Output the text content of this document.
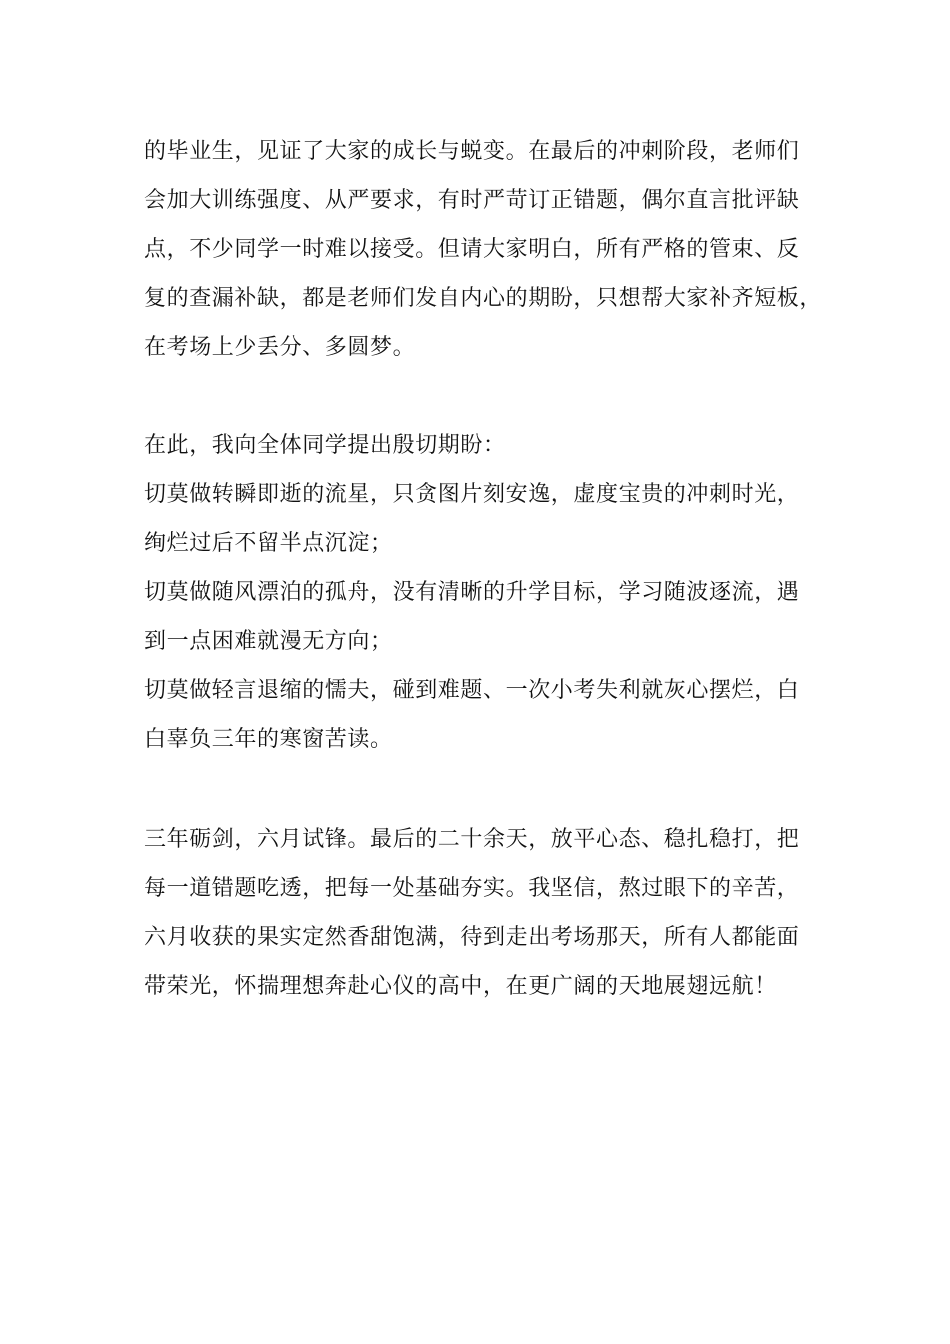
的毕业生，见证了大家的成长与蜕变。在最后的冲刺阶段，老师们
会加大训练强度、从严要求，有时严苛订正错题，偶尔直言批评缺
点，不少同学一时难以接受。但请大家明白，所有严格的管束、反
复的查漏补缺，都是老师们发自内心的期盼，只想帮大家补齐短板，
在考场上少丢分、多圆梦。
在此，我向全体同学提出殷切期盼：
切莫做转瞬即逝的流星，只贪图片刻安逸，虚度宝贵的冲刺时光，
绚烂过后不留半点沉淀；
切莫做随风漂泊的孤舟，没有清晰的升学目标，学习随波逐流，遇
到一点困难就漫无方向；
切莫做轻言退缩的懦夫，碰到难题、一次小考失利就灰心摆烂，白
白辜负三年的寒窗苦读。
三年砺剑，六月试锋。最后的二十余天，放平心态、稳扎稳打，把
每一道错题吃透，把每一处基础夯实。我坚信，熬过眼下的辛苦，
六月收获的果实定然香甜饱满，待到走出考场那天，所有人都能面
带荣光，怀揣理想奔赴心仪的高中，在更广阔的天地展翅远航！
